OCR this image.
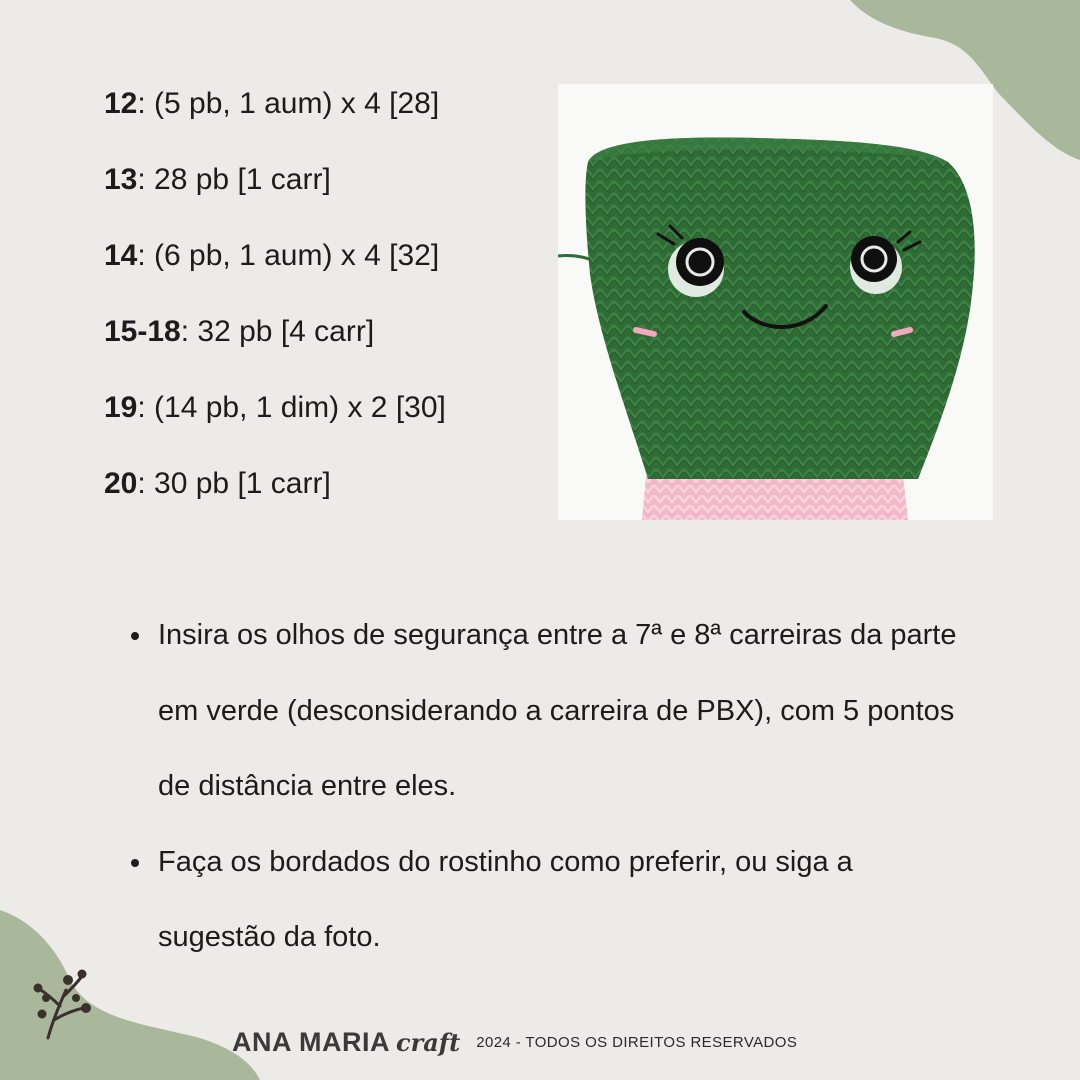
12: (5 pb, 1 aum) x 4 [28]
13: 28 pb [1 carr]
14: (6 pb, 1 aum) x 4 [32]
15-18: 32 pb [4 carr]
19: (14 pb, 1 dim) x 2 [30]
20: 30 pb [1 carr]
Insira os olhos de segurança entre a 7ª e 8ª carreiras da parte em verde (desconsiderando a carreira de PBX), com 5 pontos de distância entre eles.
Faça os bordados do rostinho como preferir, ou siga a sugestão da foto.
ANA MARIA craft 2024 - TODOS OS DIREITOS RESERVADOS
